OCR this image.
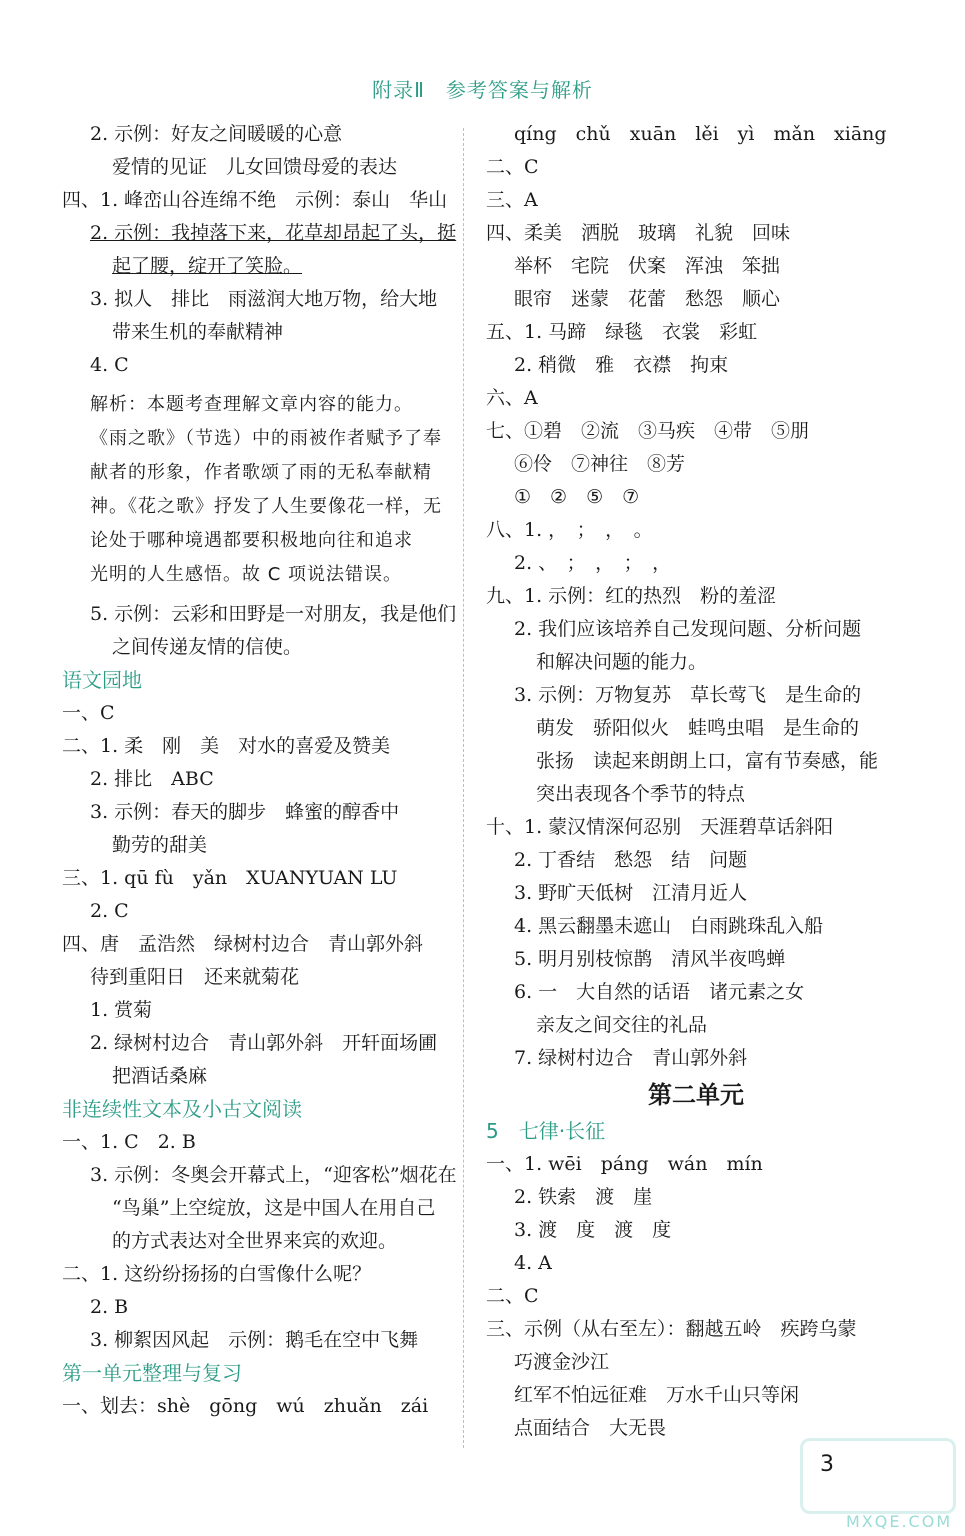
附录Ⅱ　参考答案与解析
2. 示例：好友之间暖暖的心意
爱情的见证　儿女回馈母爱的表达
四、1. 峰峦山谷连绵不绝　示例：泰山　华山
2. 示例：我掉落下来，花草却昂起了头，挺
起了腰，绽开了笑脸。
3. 拟人　排比　雨滋润大地万物，给大地
带来生机的奉献精神
4. C
解析：本题考查理解文章内容的能力。
《雨之歌》（节选）中的雨被作者赋予了奉
献者的形象，作者歌颂了雨的无私奉献精
神。《花之歌》抒发了人生要像花一样，无
论处于哪种境遇都要积极地向往和追求
光明的人生感悟。故 C 项说法错误。
5. 示例：云彩和田野是一对朋友，我是他们
之间传递友情的信使。
语文园地
一、C
二、1. 柔　刚　美　对水的喜爱及赞美
2. 排比　ABC
3. 示例：春天的脚步　蜂蜜的醇香中
勤劳的甜美
三、1. qū fù　yǎn　XUANYUAN LU
2. C
四、唐　孟浩然　绿树村边合　青山郭外斜
待到重阳日　还来就菊花
1. 赏菊
2. 绿树村边合　青山郭外斜　开轩面场圃
把酒话桑麻
非连续性文本及小古文阅读
一、1. C　2. B
3. 示例：冬奥会开幕式上，“迎客松”烟花在
“鸟巢”上空绽放，这是中国人在用自己
的方式表达对全世界来宾的欢迎。
二、1. 这纷纷扬扬的白雪像什么呢？
2. B
3. 柳絮因风起　示例：鹅毛在空中飞舞
第一单元整理与复习
一、划去：shè　gōng　wú　zhuǎn　zái
qíng　chǔ　xuān　lěi　yì　mǎn　xiāng
二、C
三、A
四、柔美　洒脱　玻璃　礼貌　回味
举杯　宅院　伏案　浑浊　笨拙
眼帘　迷蒙　花蕾　愁怨　顺心
五、1. 马蹄　绿毯　衣裳　彩虹
2. 稍微　雅　衣襟　拘束
六、A
七、①碧　②流　③马疾　④带　⑤朋
⑥伶　⑦神往　⑧芳
①　②　⑤　⑦
八、1. ，　；　，　。
2. 、　；　，　；　，
九、1. 示例：红的热烈　粉的羞涩
2. 我们应该培养自己发现问题、分析问题
和解决问题的能力。
3. 示例：万物复苏　草长莺飞　是生命的
萌发　骄阳似火　蛙鸣虫唱　是生命的
张扬　读起来朗朗上口，富有节奏感，能
突出表现各个季节的特点
十、1. 蒙汉情深何忍别　天涯碧草话斜阳
2. 丁香结　愁怨　结　问题
3. 野旷天低树　江清月近人
4. 黑云翻墨未遮山　白雨跳珠乱入船
5. 明月别枝惊鹊　清风半夜鸣蝉
6. 一　大自然的话语　诸元素之女
亲友之间交往的礼品
7. 绿树村边合　青山郭外斜
第二单元
5　七律·长征
一、1. wēi　páng　wán　mín
2. 铁索　渡　崖
3. 渡　度　渡　度
4. A
二、C
三、示例（从右至左）：翻越五岭　疾跨乌蒙
巧渡金沙江
红军不怕远征难　万水千山只等闲
点面结合　大无畏
3
MXQE.COM
